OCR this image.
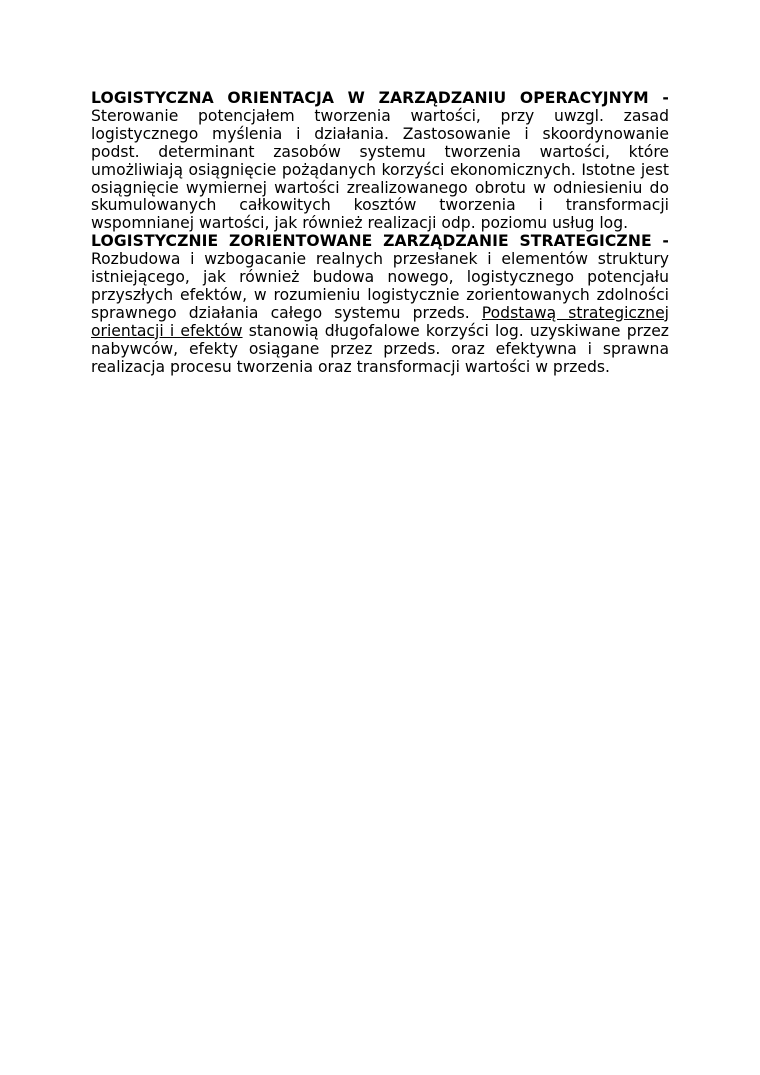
LOGISTYCZNA ORIENTACJA W ZARZĄDZANIU OPERACYJNYM - Sterowanie potencjałem tworzenia wartości, przy uwzgl. zasad logistycznego myślenia i działania. Zastosowanie i skoordynowanie podst. determinant zasobów systemu tworzenia wartości, które umożliwiają osiągnięcie pożądanych korzyści ekonomicznych. Istotne jest osiągnięcie wymiernej wartości zrealizowanego obrotu w odniesieniu do skumulowanych całkowitych kosztów tworzenia i transformacji wspomnianej wartości, jak również realizacji odp. poziomu usług log.

LOGISTYCZNIE ZORIENTOWANE ZARZĄDZANIE STRATEGICZNE - Rozbudowa i wzbogacanie realnych przesłanek i elementów struktury istniejącego, jak również budowa nowego, logistycznego potencjału przyszłych efektów, w rozumieniu logistycznie zorientowanych zdolności sprawnego działania całego systemu przeds. Podstawą strategicznej orientacji i efektów stanowią długofalowe korzyści log. uzyskiwane przez nabywców, efekty osiągane przez przeds. oraz efektywna i sprawna realizacja procesu tworzenia oraz transformacji wartości w przeds.
